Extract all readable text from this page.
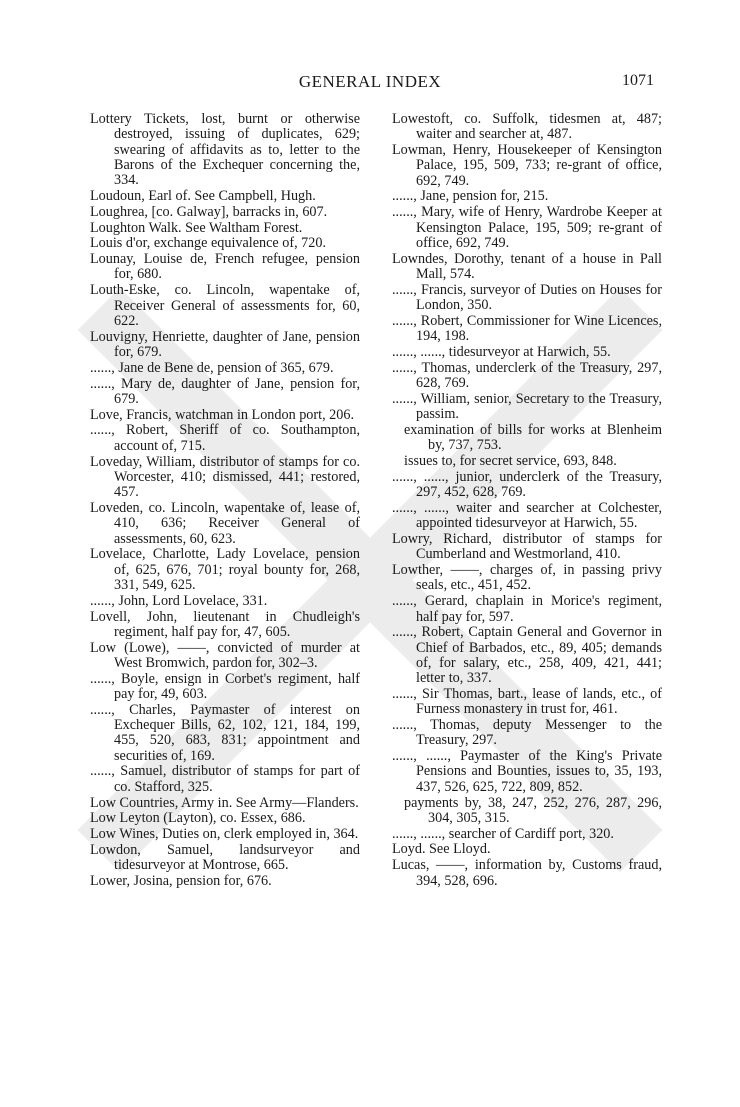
GENERAL INDEX	1071

Lottery Tickets, lost, burnt or otherwise destroyed, issuing of duplicates, 629; swearing of affidavits as to, letter to the Barons of the Exchequer concerning the, 334.

Loudoun, Earl of. See Campbell, Hugh.

Loughrea, [co. Galway], barracks in, 607.

Loughton Walk. See Waltham Forest.

Louis d'or, exchange equivalence of, 720.

Lounay, Louise de, French refugee, pension for, 680.

Louth-Eske, co. Lincoln, wapentake of, Receiver General of assessments for, 60, 622.

Louvigny, Henriette, daughter of Jane, pension for, 679.

......, Jane de Bene de, pension of 365, 679.

......, Mary de, daughter of Jane, pension for, 679.

Love, Francis, watchman in London port, 206.

......, Robert, Sheriff of co. Southampton, account of, 715.

Loveday, William, distributor of stamps for co. Worcester, 410; dismissed, 441; restored, 457.

Loveden, co. Lincoln, wapentake of, lease of, 410, 636; Receiver General of assessments, 60, 623.

Lovelace, Charlotte, Lady Lovelace, pension of, 625, 676, 701; royal bounty for, 268, 331, 549, 625.

......, John, Lord Lovelace, 331.

Lovell, John, lieutenant in Chudleigh's regiment, half pay for, 47, 605.

Low (Lowe), ——, convicted of murder at West Bromwich, pardon for, 302–3.

......, Boyle, ensign in Corbet's regiment, half pay for, 49, 603.

......, Charles, Paymaster of interest on Exchequer Bills, 62, 102, 121, 184, 199, 455, 520, 683, 831; appointment and securities of, 169.

......, Samuel, distributor of stamps for part of co. Stafford, 325.

Low Countries, Army in. See Army—Flanders.

Low Leyton (Layton), co. Essex, 686.

Low Wines, Duties on, clerk employed in, 364.

Lowdon, Samuel, landsurveyor and tidesurveyor at Montrose, 665.

Lower, Josina, pension for, 676.

Lowestoft, co. Suffolk, tidesmen at, 487; waiter and searcher at, 487.

Lowman, Henry, Housekeeper of Kensington Palace, 195, 509, 733; re-grant of office, 692, 749.

......, Jane, pension for, 215.

......, Mary, wife of Henry, Wardrobe Keeper at Kensington Palace, 195, 509; re-grant of office, 692, 749.

Lowndes, Dorothy, tenant of a house in Pall Mall, 574.

......, Francis, surveyor of Duties on Houses for London, 350.

......, Robert, Commissioner for Wine Licences, 194, 198.

......, ......, tidesurveyor at Harwich, 55.

......, Thomas, underclerk of the Treasury, 297, 628, 769.

......, William, senior, Secretary to the Treasury, passim.

examination of bills for works at Blenheim by, 737, 753.

issues to, for secret service, 693, 848.

......, ......, junior, underclerk of the Treasury, 297, 452, 628, 769.

......, ......, waiter and searcher at Colchester, appointed tidesurveyor at Harwich, 55.

Lowry, Richard, distributor of stamps for Cumberland and Westmorland, 410.

Lowther, ——, charges of, in passing privy seals, etc., 451, 452.

......, Gerard, chaplain in Morice's regiment, half pay for, 597.

......, Robert, Captain General and Governor in Chief of Barbados, etc., 89, 405; demands of, for salary, etc., 258, 409, 421, 441; letter to, 337.

......, Sir Thomas, bart., lease of lands, etc., of Furness monastery in trust for, 461.

......, Thomas, deputy Messenger to the Treasury, 297.

......, ......, Paymaster of the King's Private Pensions and Bounties, issues to, 35, 193, 437, 526, 625, 722, 809, 852.

payments by, 38, 247, 252, 276, 287, 296, 304, 305, 315.

......, ......, searcher of Cardiff port, 320.

Loyd. See Lloyd.

Lucas, ——, information by, Customs fraud, 394, 528, 696.
